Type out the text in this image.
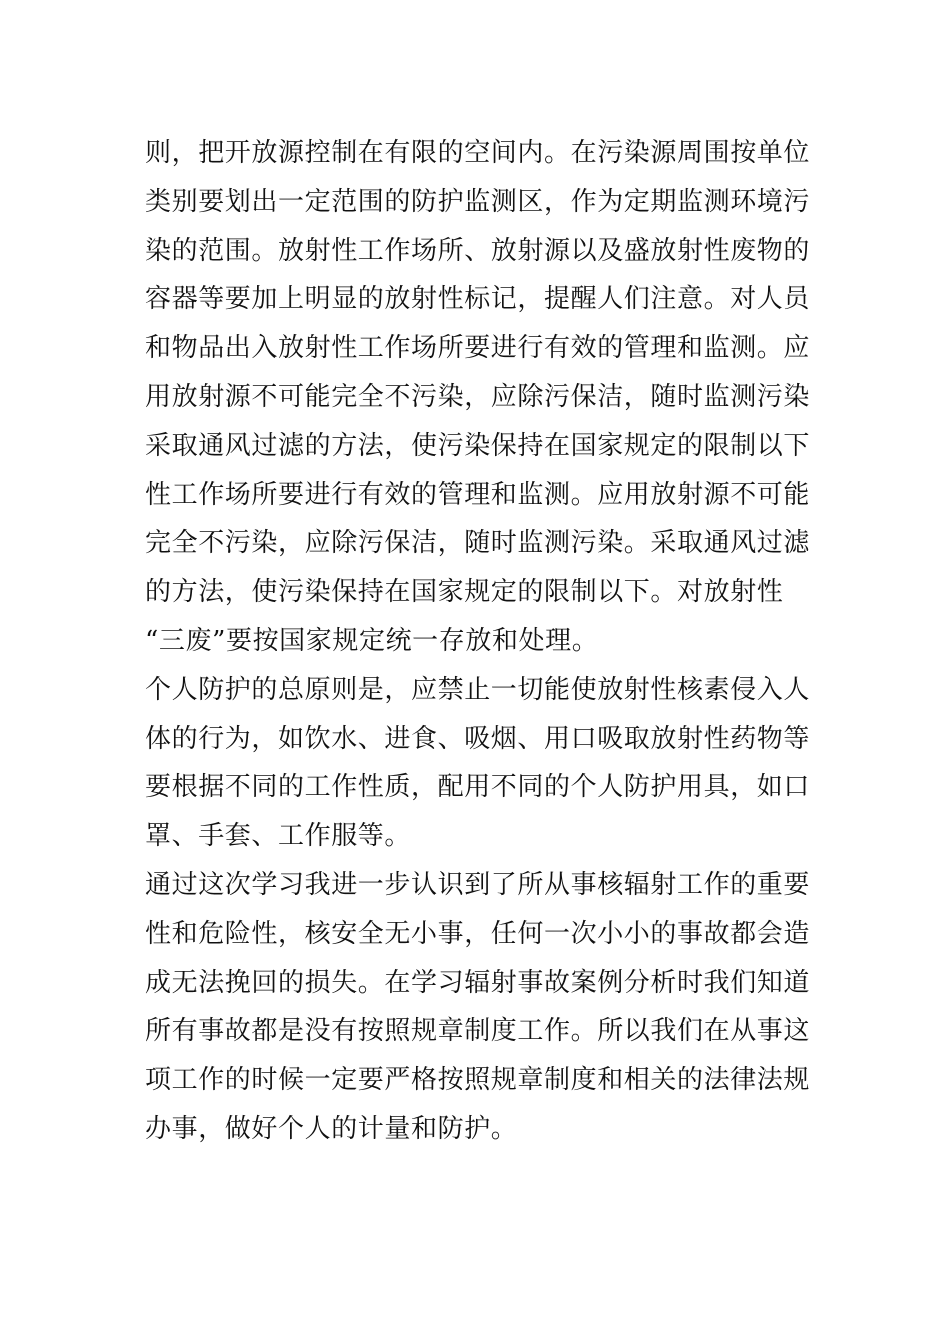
则，把开放源控制在有限的空间内。在污染源周围按单位
类别要划出一定范围的防护监测区，作为定期监测环境污
染的范围。放射性工作场所、放射源以及盛放射性废物的
容器等要加上明显的放射性标记，提醒人们注意。对人员
和物品出入放射性工作场所要进行有效的管理和监测。应
用放射源不可能完全不污染，应除污保洁，随时监测污染
采取通风过滤的方法，使污染保持在国家规定的限制以下
性工作场所要进行有效的管理和监测。应用放射源不可能
完全不污染，应除污保洁，随时监测污染。采取通风过滤
的方法，使污染保持在国家规定的限制以下。对放射性
“三废”要按国家规定统一存放和处理。
个人防护的总原则是，应禁止一切能使放射性核素侵入人
体的行为，如饮水、进食、吸烟、用口吸取放射性药物等
要根据不同的工作性质，配用不同的个人防护用具，如口
罩、手套、工作服等。
通过这次学习我进一步认识到了所从事核辐射工作的重要
性和危险性，核安全无小事，任何一次小小的事故都会造
成无法挽回的损失。在学习辐射事故案例分析时我们知道
所有事故都是没有按照规章制度工作。所以我们在从事这
项工作的时候一定要严格按照规章制度和相关的法律法规
办事，做好个人的计量和防护。
